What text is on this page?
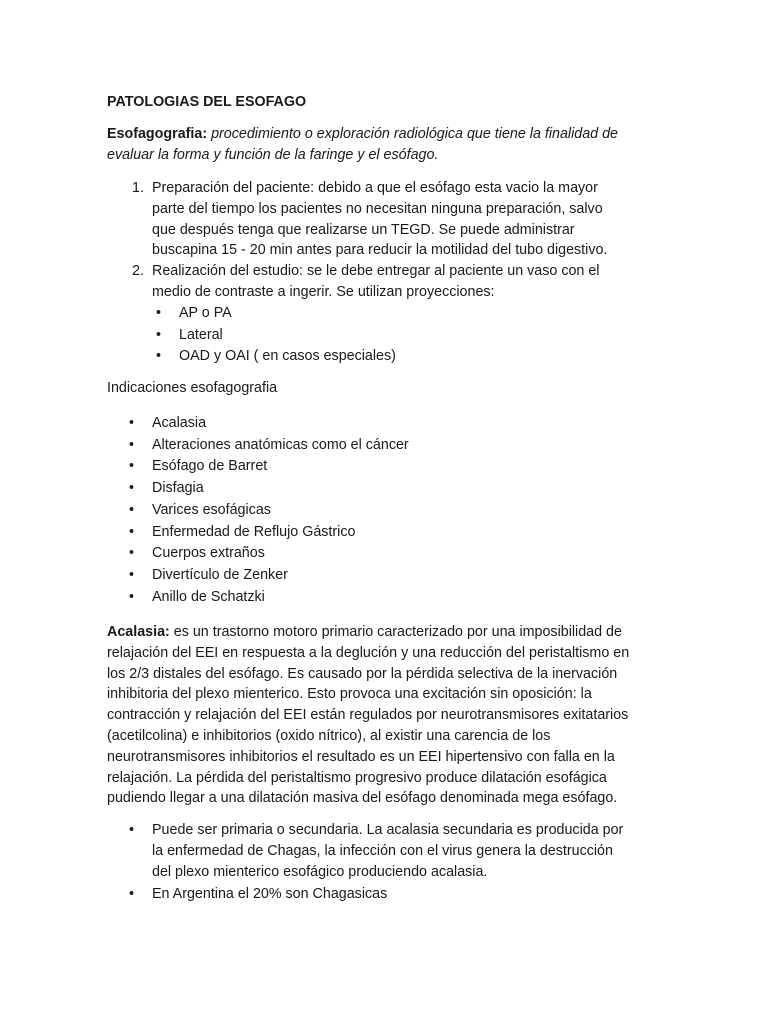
PATOLOGIAS DEL ESOFAGO

Esofagografia: procedimiento o exploración radiológica que tiene la finalidad de evaluar la forma y función de la faringe y el esófago.

1. Preparación del paciente: debido a que el esófago esta vacio la mayor parte del tiempo los pacientes no necesitan ninguna preparación, salvo que después tenga que realizarse un TEGD. Se puede administrar buscapina 15 - 20 min antes para reducir la motilidad del tubo digestivo.
2. Realización del estudio: se le debe entregar al paciente un vaso con el medio de contraste a ingerir. Se utilizan proyecciones:
• AP o PA
• Lateral
• OAD y OAI ( en casos especiales)

Indicaciones esofagografia

• Acalasia
• Alteraciones anatómicas como el cáncer
• Esófago de Barret
• Disfagia
• Varices esofágicas
• Enfermedad de Reflujo Gástrico
• Cuerpos extraños
• Divertículo de Zenker
• Anillo de Schatzki

Acalasia: es un trastorno motoro primario caracterizado por una imposibilidad de relajación del EEI en respuesta a la deglución y una reducción del peristaltismo en los 2/3 distales del esófago. Es causado por la pérdida selectiva de la inervación inhibitoria del plexo mienterico. Esto provoca una excitación sin oposición: la contracción y relajación del EEI están regulados por neurotransmisores exitatarios (acetilcolina) e inhibitorios (oxido nítrico), al existir una carencia de los neurotransmisores inhibitorios el resultado es un EEI hipertensivo con falla en la relajación. La pérdida del peristaltismo progresivo produce dilatación esofágica pudiendo llegar a una dilatación masiva del esófago denominada mega esófago.

• Puede ser primaria o secundaria. La acalasia secundaria es producida por la enfermedad de Chagas, la infección con el virus genera la destrucción del plexo mienterico esofágico produciendo acalasia.
• En Argentina el 20% son Chagasicas
